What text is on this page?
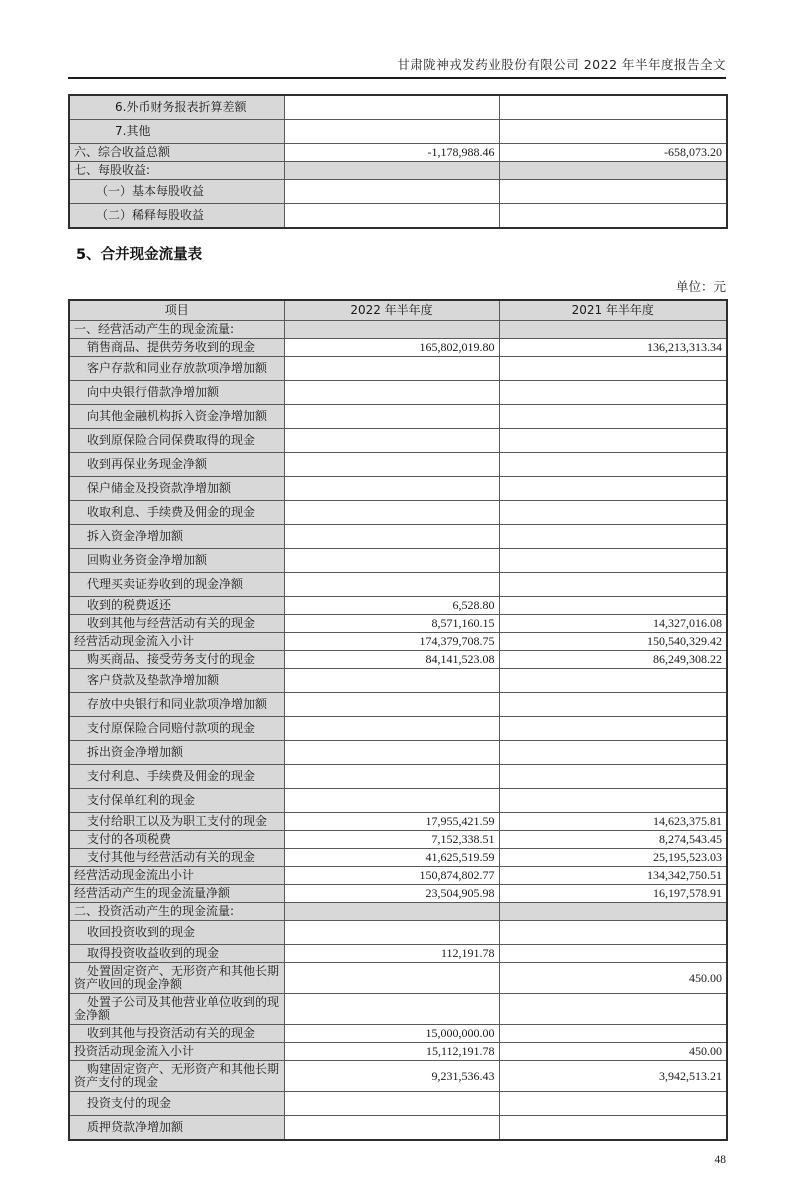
甘肃陇神戎发药业股份有限公司 2022 年半年度报告全文
6.外币财务报表折算差额		
7.其他		
六、综合收益总额	-1,178,988.46	-658,073.20
七、每股收益:		
（一）基本每股收益		
（二）稀释每股收益		
5、合并现金流量表
单位：元
项目	2022 年半年度	2021 年半年度
一、经营活动产生的现金流量:		
销售商品、提供劳务收到的现金	165,802,019.80	136,213,313.34
客户存款和同业存放款项净增加额		
向中央银行借款净增加额		
向其他金融机构拆入资金净增加额		
收到原保险合同保费取得的现金		
收到再保业务现金净额		
保户储金及投资款净增加额		
收取利息、手续费及佣金的现金		
拆入资金净增加额		
回购业务资金净增加额		
代理买卖证券收到的现金净额		
收到的税费返还	6,528.80	
收到其他与经营活动有关的现金	8,571,160.15	14,327,016.08
经营活动现金流入小计	174,379,708.75	150,540,329.42
购买商品、接受劳务支付的现金	84,141,523.08	86,249,308.22
客户贷款及垫款净增加额		
存放中央银行和同业款项净增加额		
支付原保险合同赔付款项的现金		
拆出资金净增加额		
支付利息、手续费及佣金的现金		
支付保单红利的现金		
支付给职工以及为职工支付的现金	17,955,421.59	14,623,375.81
支付的各项税费	7,152,338.51	8,274,543.45
支付其他与经营活动有关的现金	41,625,519.59	25,195,523.03
经营活动现金流出小计	150,874,802.77	134,342,750.51
经营活动产生的现金流量净额	23,504,905.98	16,197,578.91
二、投资活动产生的现金流量:		
收回投资收到的现金		
取得投资收益收到的现金	112,191.78	
处置固定资产、无形资产和其他长期资产收回的现金净额		450.00
处置子公司及其他营业单位收到的现金净额		
收到其他与投资活动有关的现金	15,000,000.00	
投资活动现金流入小计	15,112,191.78	450.00
购建固定资产、无形资产和其他长期资产支付的现金	9,231,536.43	3,942,513.21
投资支付的现金		
质押贷款净增加额		
48
